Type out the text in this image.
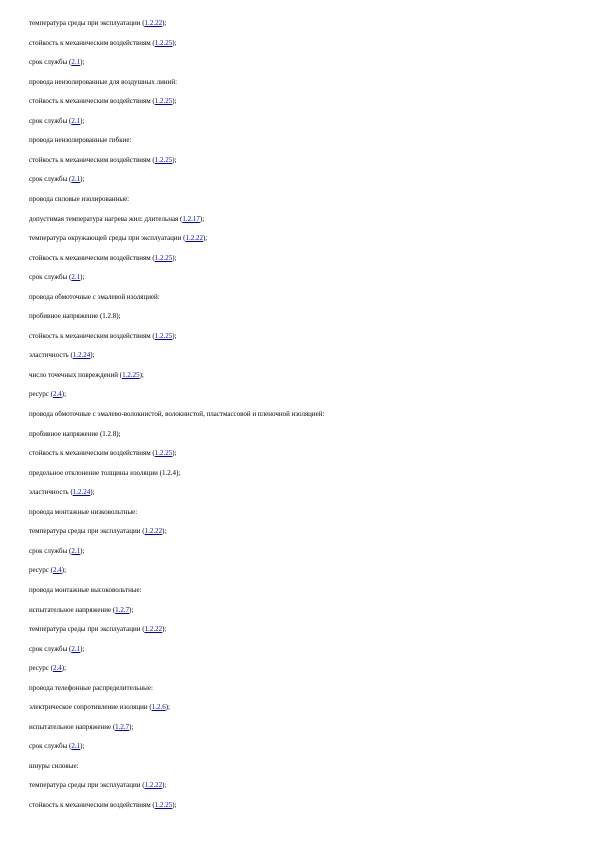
температура среды при эксплуатации (1.2.22);
стойкость к механическим воздействиям (1.2.25);
срок службы (2.1);
провода неизолированные для воздушных линий:
стойкость к механическим воздействиям (1.2.25);
срок службы (2.1);
провода неизолированные гибкие:
стойкость к механическим воздействиям (1.2.25);
срок службы (2.1);
провода силовые изолированные:
допустимая температура нагрева жил: длительная (1.2.17);
температура окружающей среды при эксплуатации (1.2.22);
стойкость к механическим воздействиям (1.2.25);
срок службы (2.1);
провода обмоточные с эмалевой изоляцией:
пробивное напряжение (1.2.8);
стойкость к механическим воздействиям (1.2.25);
эластичность (1.2.24);
число точечных повреждений (1.2.25);
ресурс (2.4);
провода обмоточные с эмалево-волокнистой, волокнистой, пластмассовой и пленочной изоляцией:
пробивное напряжение (1.2.8);
стойкость к механическим воздействиям (1.2.25);
предельное отклонение толщины изоляции (1.2.4);
эластичность (1.2.24);
провода монтажные низковольтные:
температура среды при эксплуатации (1.2.22);
срок службы (2.1);
ресурс (2.4);
провода монтажные высоковольтные:
испытательное напряжение (1.2.7);
температура среды при эксплуатации (1.2.22);
срок службы (2.1);
ресурс (2.4);
провода телефонные распределительные:
электрическое сопротивление изоляции (1.2.6);
испытательное напряжение (1.2.7);
срок службы (2.1);
шнуры силовые:
температура среды при эксплуатации (1.2.22);
стойкость к механическим воздействиям (1.2.25);
